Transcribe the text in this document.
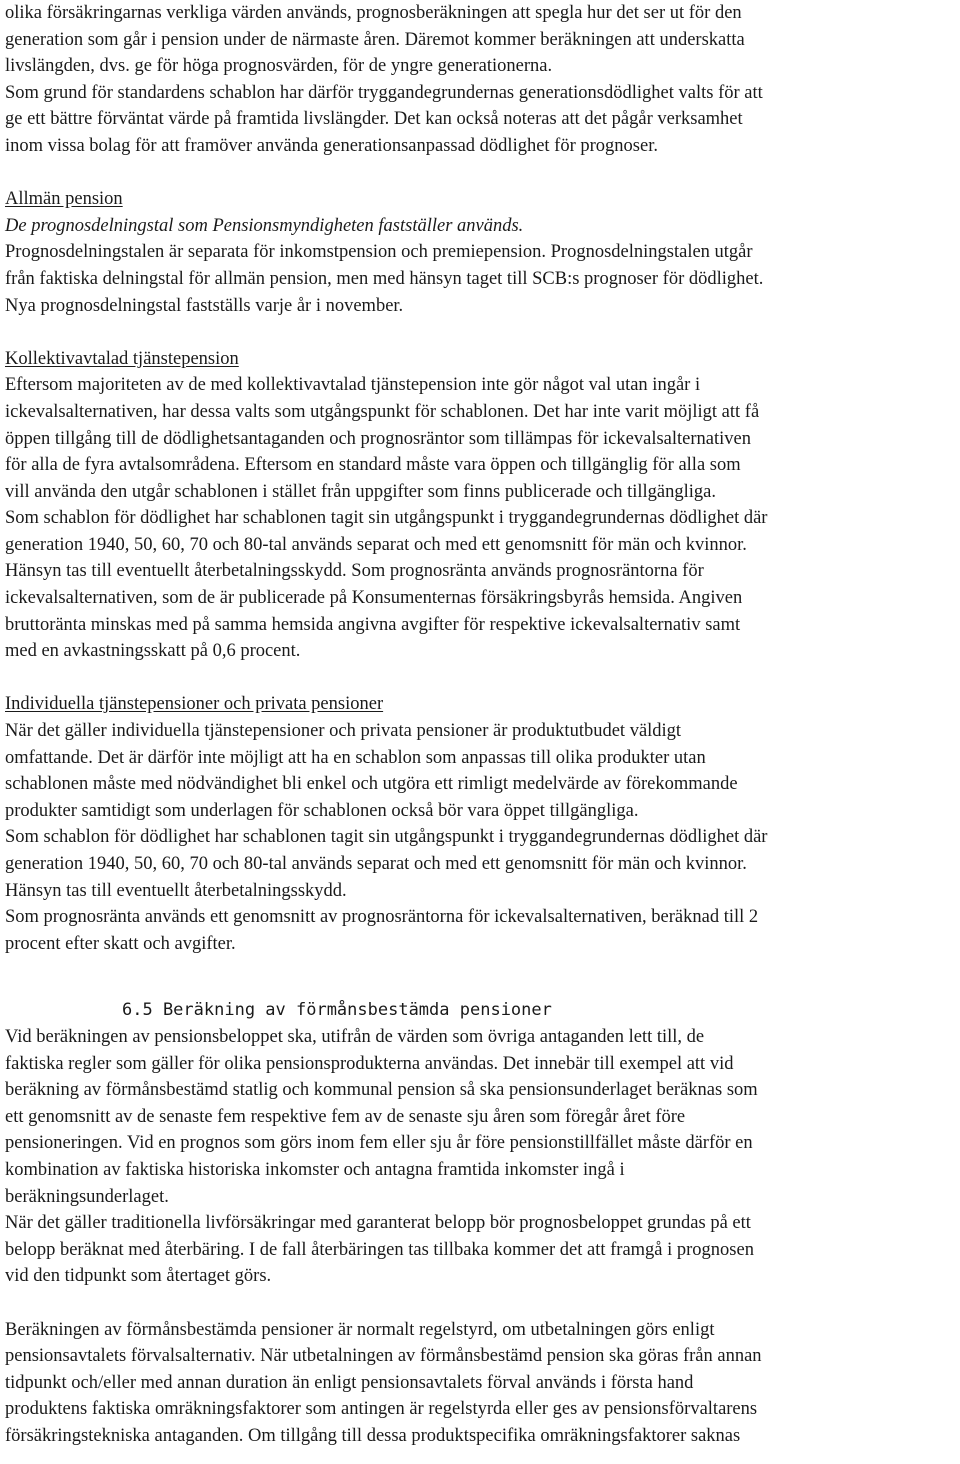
olika försäkringarnas verkliga värden används, prognosberäkningen att spegla hur det ser ut för den
generation som går i pension under de närmaste åren. Däremot kommer beräkningen att underskatta
livslängden, dvs. ge för höga prognosvärden, för de yngre generationerna.
Som grund för standardens schablon har därför tryggandegrundernas generationsdödlighet valts för att
ge ett bättre förväntat värde på framtida livslängder. Det kan också noteras att det pågår verksamhet
inom vissa bolag för att framöver använda generationsanpassad dödlighet för prognoser.
Allmän pension
De prognosdelningstal som Pensionsmyndigheten fastställer används.
Prognosdelningstalen är separata för inkomstpension och premiepension. Prognosdelningstalen utgår
från faktiska delningstal för allmän pension, men med hänsyn taget till SCB:s prognoser för dödlighet.
Nya prognosdelningstal fastställs varje år i november.
Kollektivavtalad tjänstepension
Eftersom majoriteten av de med kollektivavtalad tjänstepension inte gör något val utan ingår i
ickevalsalternativen, har dessa valts som utgångspunkt för schablonen. Det har inte varit möjligt att få
öppen tillgång till de dödlighetsantaganden och prognosräntor som tillämpas för ickevalsalternativen
för alla de fyra avtalsområdena. Eftersom en standard måste vara öppen och tillgänglig för alla som
vill använda den utgår schablonen i stället från uppgifter som finns publicerade och tillgängliga.
Som schablon för dödlighet har schablonen tagit sin utgångspunkt i tryggandegrundernas dödlighet där
generation 1940, 50, 60, 70 och 80-tal används separat och med ett genomsnitt för män och kvinnor.
Hänsyn tas till eventuellt återbetalningsskydd. Som prognosränta används prognosräntorna för
ickevalsalternativen, som de är publicerade på Konsumenternas försäkringsbyrås hemsida. Angiven
bruttoränta minskas med på samma hemsida angivna avgifter för respektive ickevalsalternativ samt
med en avkastningsskatt på 0,6 procent.
Individuella tjänstepensioner och privata pensioner
När det gäller individuella tjänstepensioner och privata pensioner är produktutbudet väldigt
omfattande. Det är därför inte möjligt att ha en schablon som anpassas till olika produkter utan
schablonen måste med nödvändighet bli enkel och utgöra ett rimligt medelvärde av förekommande
produkter samtidigt som underlagen för schablonen också bör vara öppet tillgängliga.
Som schablon för dödlighet har schablonen tagit sin utgångspunkt i tryggandegrundernas dödlighet där
generation 1940, 50, 60, 70 och 80-tal används separat och med ett genomsnitt för män och kvinnor.
Hänsyn tas till eventuellt återbetalningsskydd.
Som prognosränta används ett genomsnitt av prognosräntorna för ickevalsalternativen, beräknad till 2
procent efter skatt och avgifter.
6.5 Beräkning av förmånsbestämda pensioner
Vid beräkningen av pensionsbeloppet ska, utifrån de värden som övriga antaganden lett till, de
faktiska regler som gäller för olika pensionsprodukterna användas. Det innebär till exempel att vid
beräkning av förmånsbestämd statlig och kommunal pension så ska pensionsunderlaget beräknas som
ett genomsnitt av de senaste fem respektive fem av de senaste sju åren som föregår året före
pensioneringen. Vid en prognos som görs inom fem eller sju år före pensionstillfället måste därför en
kombination av faktiska historiska inkomster och antagna framtida inkomster ingå i
beräkningsunderlaget.
När det gäller traditionella livförsäkringar med garanterat belopp bör prognosbeloppet grundas på ett
belopp beräknat med återbäring. I de fall återbäringen tas tillbaka kommer det att framgå i prognosen
vid den tidpunkt som återtaget görs.
Beräkningen av förmånsbestämda pensioner är normalt regelstyrd, om utbetalningen görs enligt
pensionsavtalets förvalsalternativ. När utbetalningen av förmånsbestämd pension ska göras från annan
tidpunkt och/eller med annan duration än enligt pensionsavtalets förval används i första hand
produktens faktiska omräkningsfaktorer som antingen är regelstyrda eller ges av pensionsförvaltarens
försäkringstekniska antaganden. Om tillgång till dessa produktspecifika omräkningsfaktorer saknas
